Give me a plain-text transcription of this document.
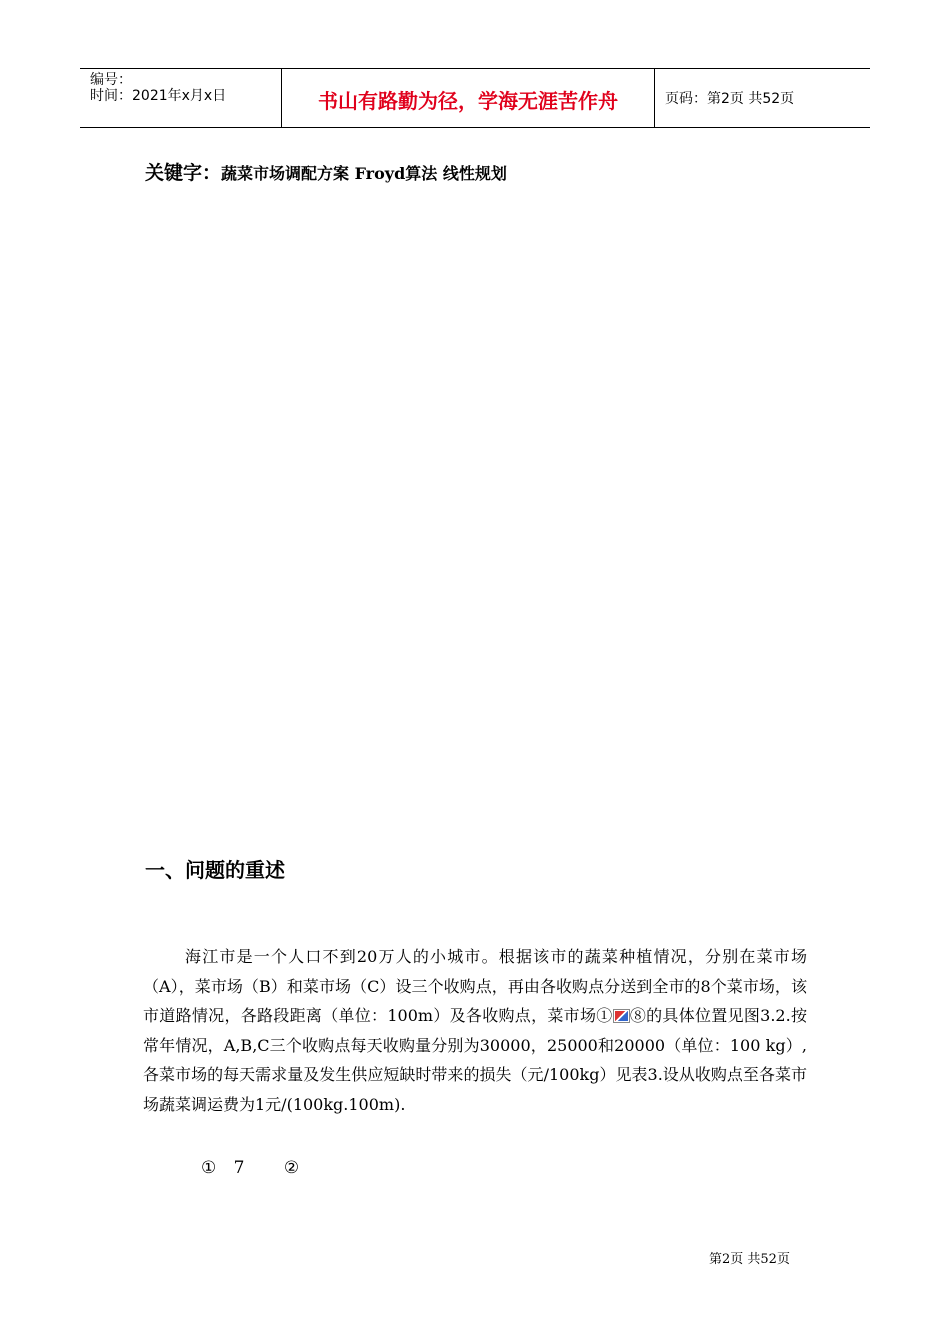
编号：
时间：2021年x月x日	书山有路勤为径，学海无涯苦作舟	页码：第2页 共52页
关键字：蔬菜市场调配方案 Froyd算法 线性规划
一、问题的重述
海江市是一个人口不到20万人的小城市。根据该市的蔬菜种植情况，分别在菜市场（A），菜市场（B）和菜市场（C）设三个收购点，再由各收购点分送到全市的8个菜市场，该市道路情况，各路段距离（单位：100m）及各收购点，菜市场① ⑧的具体位置见图3.2.按常年情况，A,B,C三个收购点每天收购量分别为30000，25000和20000（单位：100 kg）,各菜市场的每天需求量及发生供应短缺时带来的损失（元/100kg）见表3.设从收购点至各菜市场蔬菜调运费为1元/(100kg.100m).
① 7 ②
第2页 共52页
